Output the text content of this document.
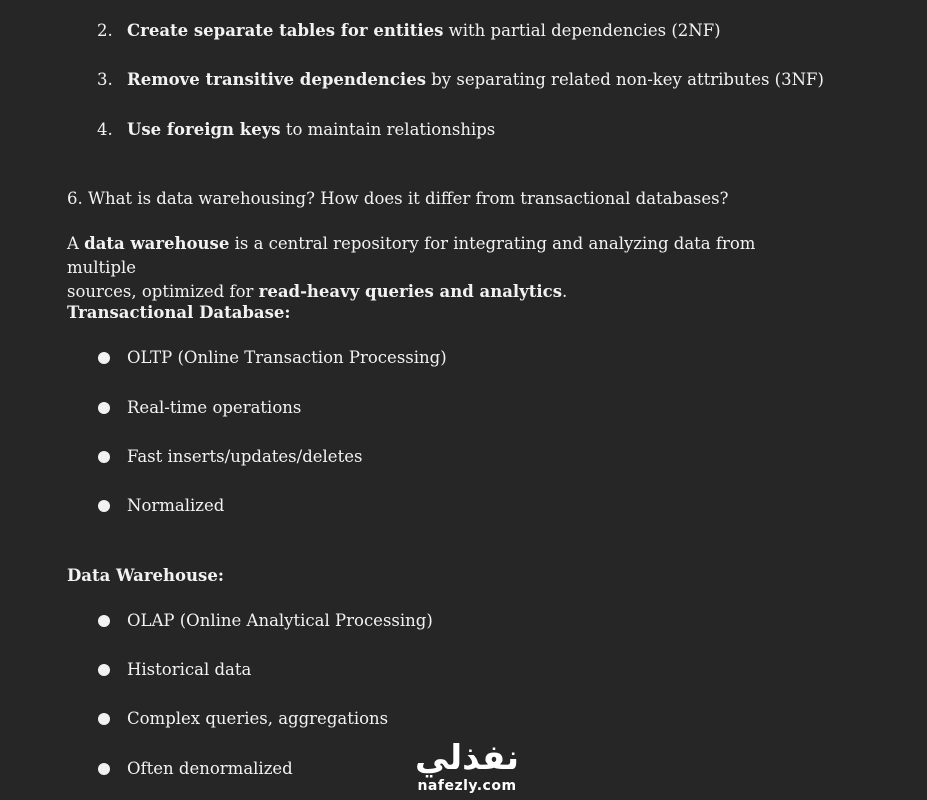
2. Create separate tables for entities with partial dependencies (2NF)
3. Remove transitive dependencies by separating related non-key attributes (3NF)
4. Use foreign keys to maintain relationships
6. What is data warehousing? How does it differ from transactional databases?
A data warehouse is a central repository for integrating and analyzing data from multiple
sources, optimized for read-heavy queries and analytics.
Transactional Database:
OLTP (Online Transaction Processing)
Real-time operations
Fast inserts/updates/deletes
Normalized
Data Warehouse:
OLAP (Online Analytical Processing)
Historical data
Complex queries, aggregations
Often denormalized	نفذلي
nafezly.com
